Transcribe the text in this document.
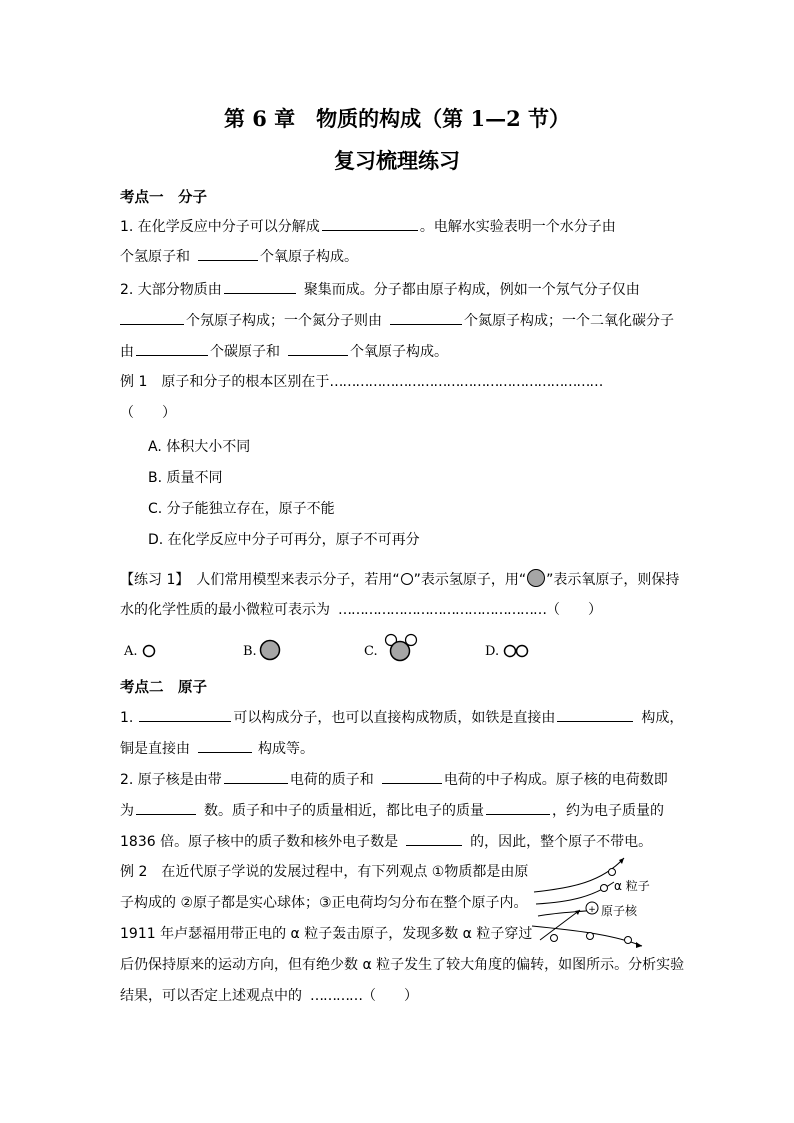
第 6 章　物质的构成（第 1—2 节）
复习梳理练习
考点一　分子
1. 在化学反应中分子可以分解成	。电解水实验表明一个水分子由
个氢原子和	个氧原子构成。
2. 大部分物质由	聚集而成。分子都由原子构成，例如一个氖气分子仅由
个氖原子构成；一个氮分子则由	个氮原子构成；一个二氧化碳分子
由	个碳原子和	个氧原子构成。
例 1　原子和分子的根本区别在于………………………………………………………
（　　）
A. 体积大小不同
B. 质量不同
C. 分子能独立存在，原子不能
D. 在化学反应中分子可再分，原子不可再分
【练习 1】　人们常用模型来表示分子，若用“ ”表示氢原子，用“ ”表示氧原子，则保持
水的化学性质的最小微粒可表示为 …………………………………………（　　）
A.	B.	C.	D.
考点二　原子
1.	可以构成分子，也可以直接构成物质，如铁是直接由	构成，
铜是直接由	构成等。
2. 原子核是由带	电荷的质子和	电荷的中子构成。原子核的电荷数即
为	数。质子和中子的质量相近，都比电子的质量	，约为电子质量的
1836 倍。原子核中的质子数和核外电子数是	的，因此，整个原子不带电。
例 2　在近代原子学说的发展过程中，有下列观点 ①物质都是由原
子构成的 ②原子都是实心球体；③正电荷均匀分布在整个原子内。
1911 年卢瑟福用带正电的 α 粒子轰击原子，发现多数 α 粒子穿过
后仍保持原来的运动方向，但有绝少数 α 粒子发生了较大角度的偏转，如图所示。分析实验
结果，可以否定上述观点中的 …………（　　）
+
α 粒子
原子核
